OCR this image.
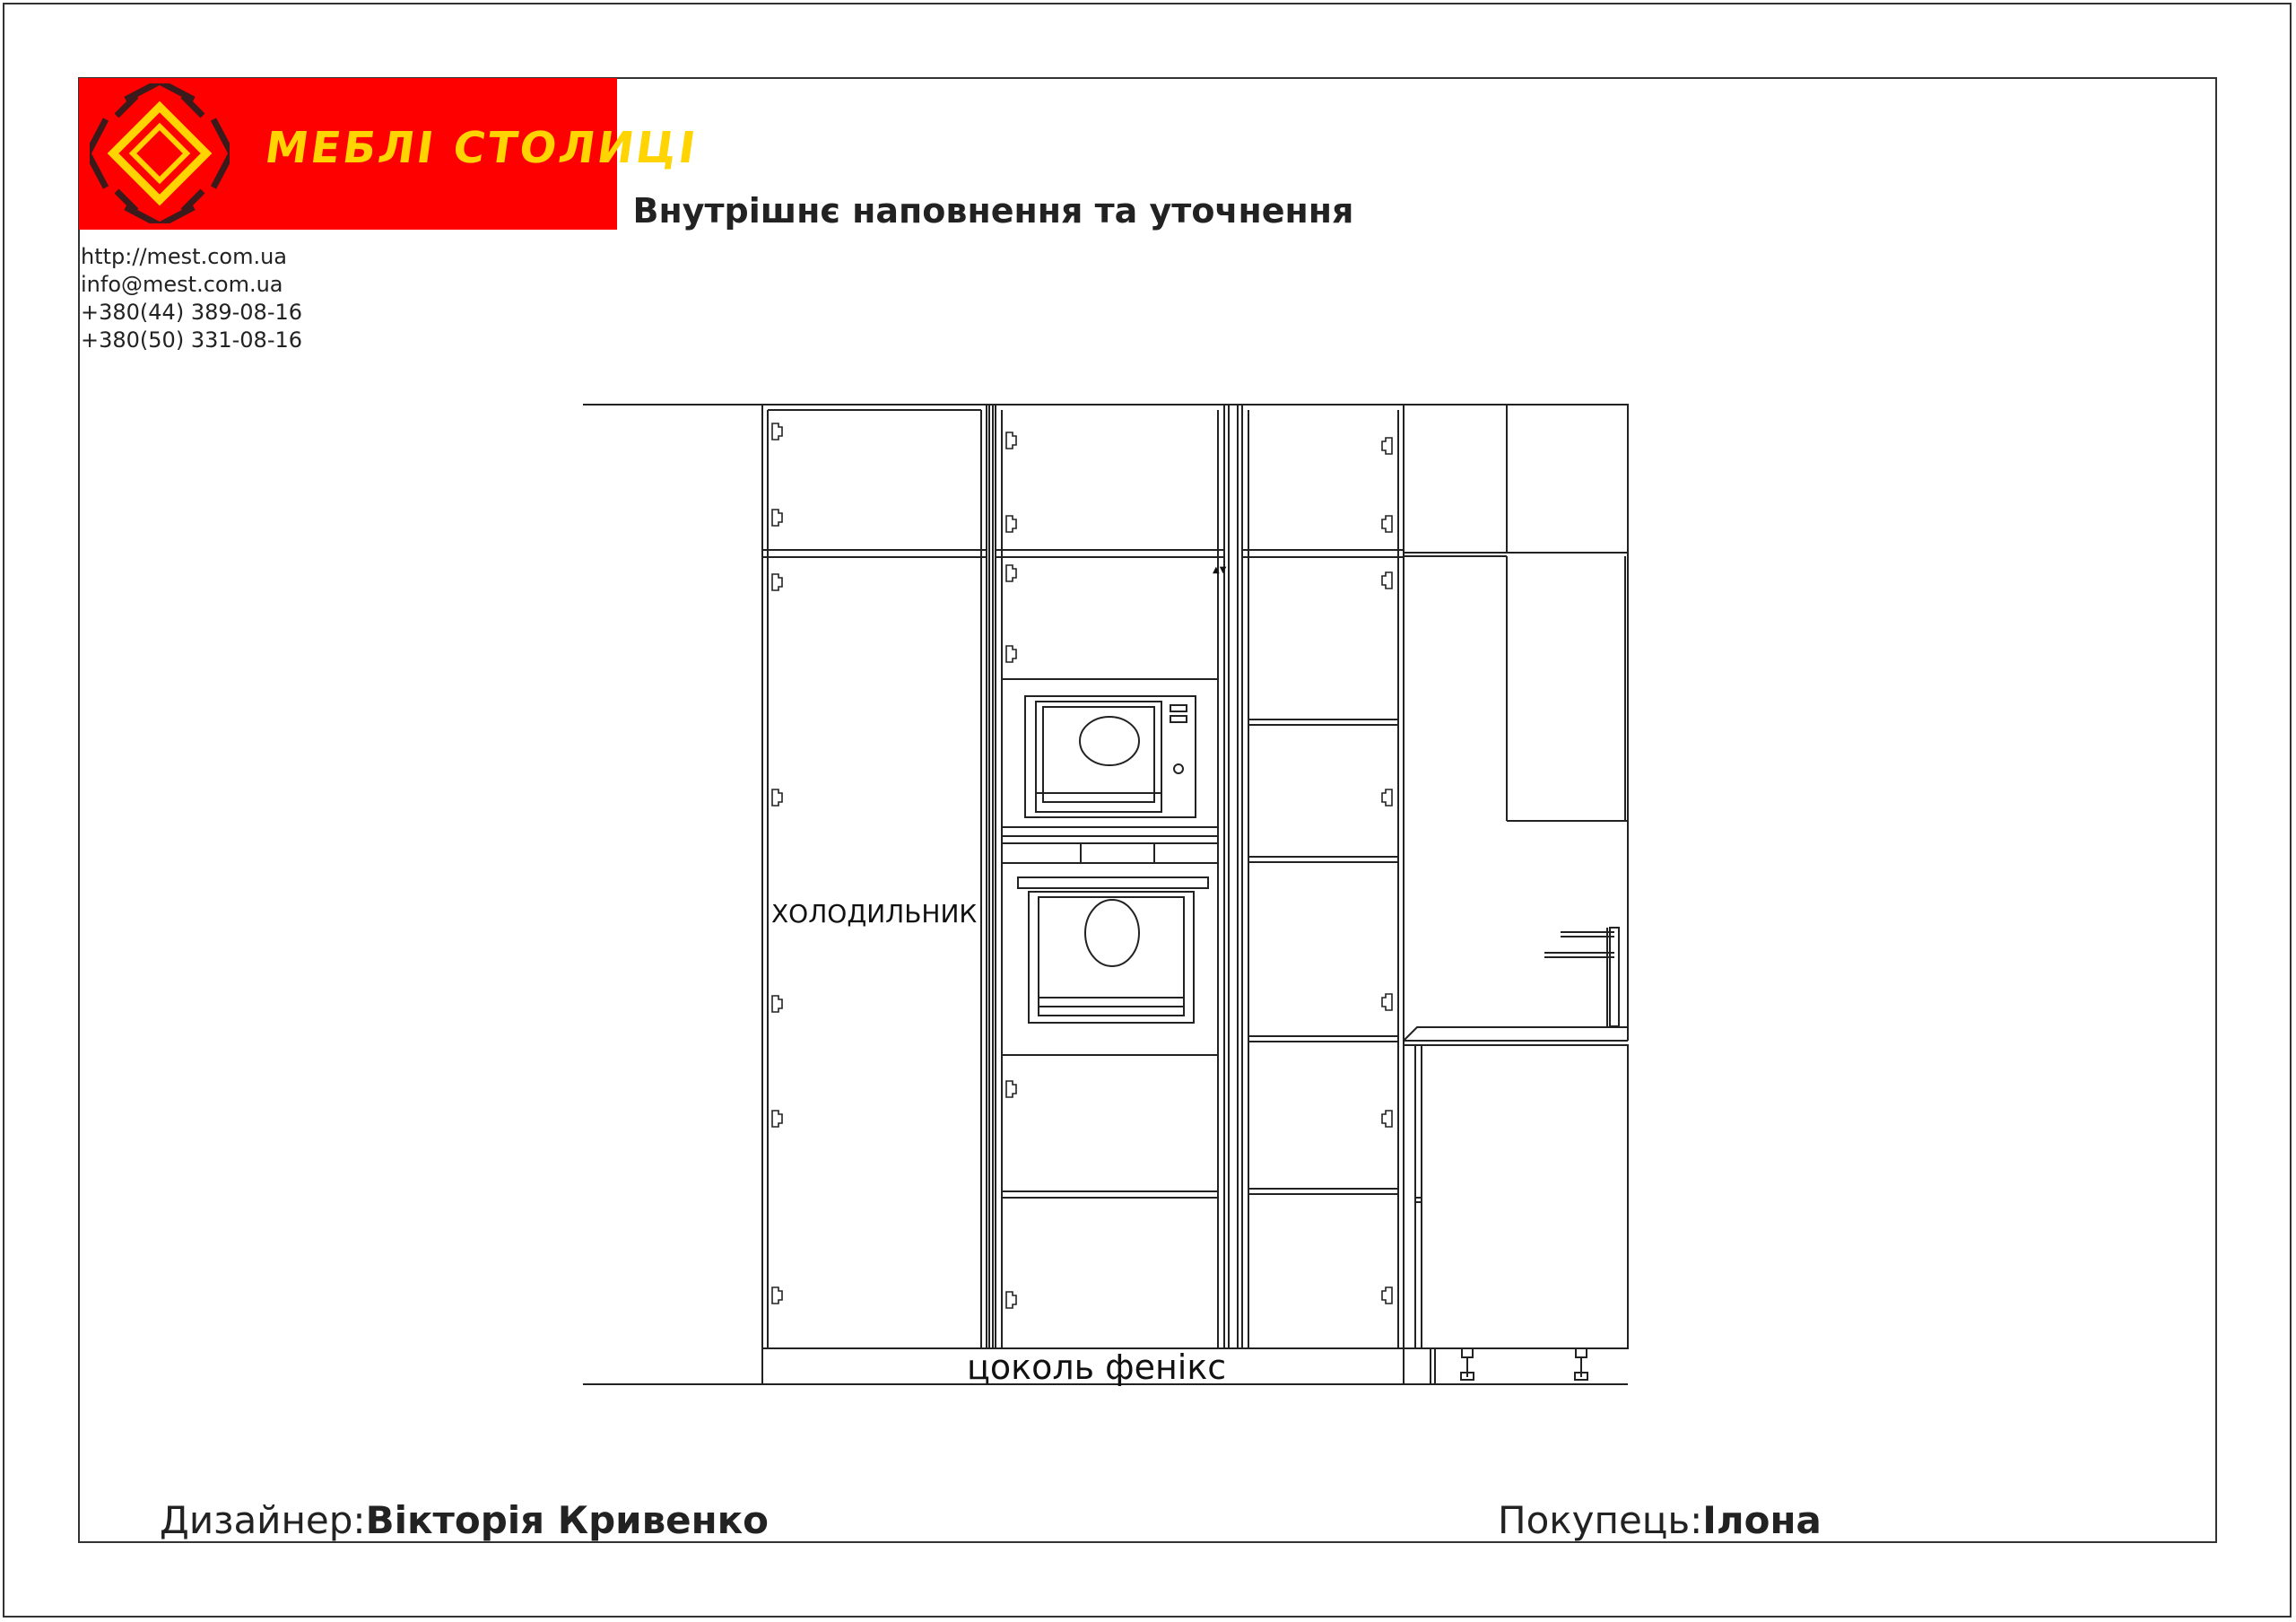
МЕБЛІ СТОЛИЦІ
http://mest.com.ua
info@mest.com.ua
+380(44) 389-08-16
+380(50) 331-08-16
Внутрішнє наповнення та уточнення
▲▼
ХОЛОДИЛЬНИК
цоколь фенікс
Дизайнер:Вікторія Кривенко	Покупець:Ілона
